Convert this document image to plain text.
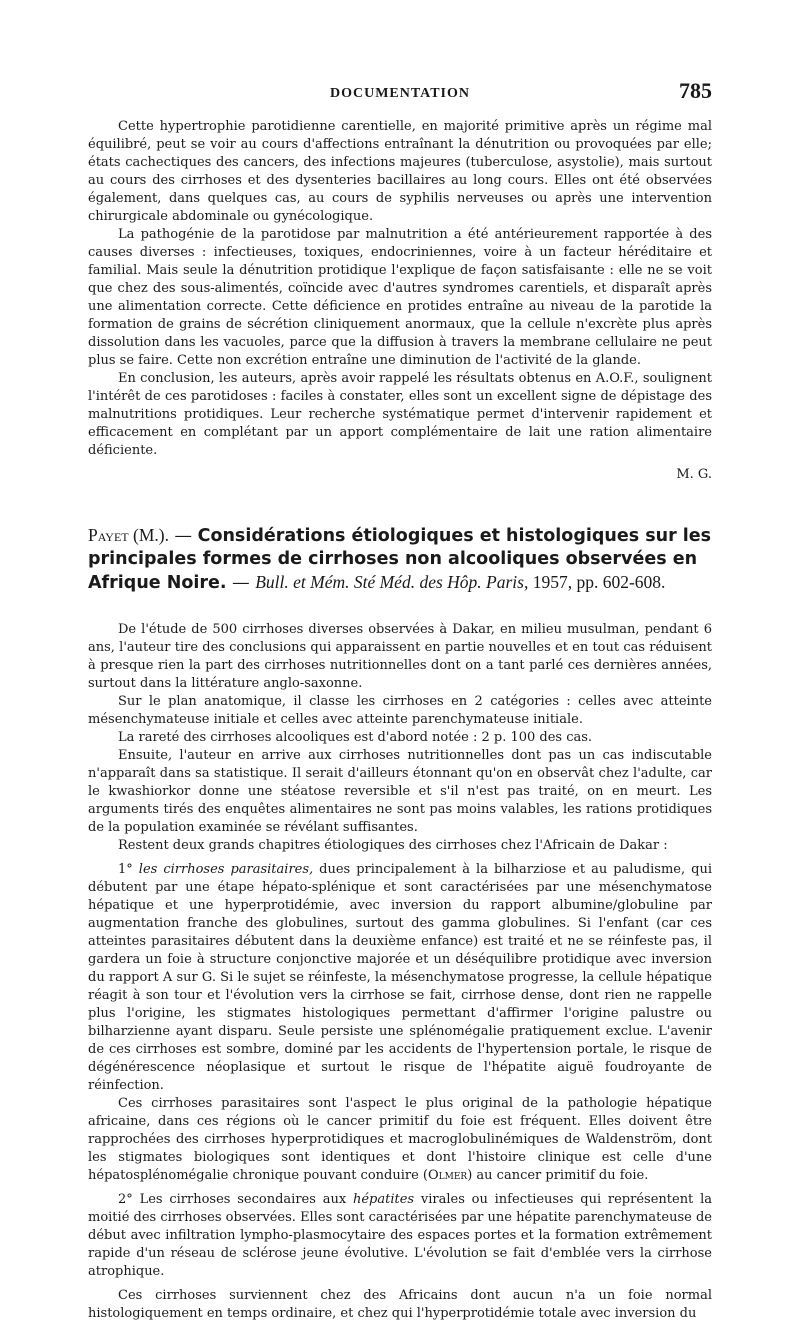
DOCUMENTATION	785

Cette hypertrophie parotidienne carentielle, en majorité primitive après un régime mal équilibré, peut se voir au cours d'affections entraînant la dénutrition ou provoquées par elle; états cachectiques des cancers, des infections majeures (tuberculose, asystolie), mais surtout au cours des cirrhoses et des dysenteries bacillaires au long cours. Elles ont été observées également, dans quelques cas, au cours de syphilis nerveuses ou après une intervention chirurgicale abdominale ou gynécologique.

La pathogénie de la parotidose par malnutrition a été antérieurement rapportée à des causes diverses : infectieuses, toxiques, endocriniennes, voire à un facteur héréditaire et familial. Mais seule la dénutrition protidique l'explique de façon satisfaisante : elle ne se voit que chez des sous-alimentés, coïncide avec d'autres syndromes carentiels, et disparaît après une alimentation correcte. Cette déficience en protides entraîne au niveau de la parotide la formation de grains de sécrétion cliniquement anormaux, que la cellule n'excrète plus après dissolution dans les vacuoles, parce que la diffusion à travers la membrane cellulaire ne peut plus se faire. Cette non excrétion entraîne une diminution de l'activité de la glande.

En conclusion, les auteurs, après avoir rappelé les résultats obtenus en A.O.F., soulignent l'intérêt de ces parotidoses : faciles à constater, elles sont un excellent signe de dépistage des malnutritions protidiques. Leur recherche systématique permet d'intervenir rapidement et efficacement en complétant par un apport complémentaire de lait une ration alimentaire déficiente.

M. G.
Payet (M.). — Considérations étiologiques et histologiques sur les principales formes de cirrhoses non alcooliques observées en Afrique Noire. — Bull. et Mém. Sté Méd. des Hôp. Paris, 1957, pp. 602-608.

De l'étude de 500 cirrhoses diverses observées à Dakar, en milieu musulman, pendant 6 ans, l'auteur tire des conclusions qui apparaissent en partie nouvelles et en tout cas réduisent à presque rien la part des cirrhoses nutritionnelles dont on a tant parlé ces dernières années, surtout dans la littérature anglo-saxonne.

Sur le plan anatomique, il classe les cirrhoses en 2 catégories : celles avec atteinte mésenchymateuse initiale et celles avec atteinte parenchymateuse initiale.

La rareté des cirrhoses alcooliques est d'abord notée : 2 p. 100 des cas.

Ensuite, l'auteur en arrive aux cirrhoses nutritionnelles dont pas un cas indiscutable n'apparaît dans sa statistique. Il serait d'ailleurs étonnant qu'on en observât chez l'adulte, car le kwashiorkor donne une stéatose reversible et s'il n'est pas traité, on en meurt. Les arguments tirés des enquêtes alimentaires ne sont pas moins valables, les rations protidiques de la population examinée se révélant suffisantes.

Restent deux grands chapitres étiologiques des cirrhoses chez l'Africain de Dakar :

1° les cirrhoses parasitaires, dues principalement à la bilharziose et au paludisme, qui débutent par une étape hépato-splénique et sont caractérisées par une mésenchymatose hépatique et une hyperprotidémie, avec inversion du rapport albumine/globuline par augmentation franche des globulines, surtout des gamma globulines. Si l'enfant (car ces atteintes parasitaires débutent dans la deuxième enfance) est traité et ne se réinfeste pas, il gardera un foie à structure conjonctive majorée et un déséquilibre protidique avec inversion du rapport A sur G. Si le sujet se réinfeste, la mésenchymatose progresse, la cellule hépatique réagit à son tour et l'évolution vers la cirrhose se fait, cirrhose dense, dont rien ne rappelle plus l'origine, les stigmates histologiques permettant d'affirmer l'origine palustre ou bilharzienne ayant disparu. Seule persiste une splénomégalie pratiquement exclue. L'avenir de ces cirrhoses est sombre, dominé par les accidents de l'hypertension portale, le risque de dégénérescence néoplasique et surtout le risque de l'hépatite aiguë foudroyante de réinfection.

Ces cirrhoses parasitaires sont l'aspect le plus original de la pathologie hépatique africaine, dans ces régions où le cancer primitif du foie est fréquent. Elles doivent être rapprochées des cirrhoses hyperprotidiques et macroglobulinémiques de Waldenström, dont les stigmates biologiques sont identiques et dont l'histoire clinique est celle d'une hépatosplénomégalie chronique pouvant conduire (Olmer) au cancer primitif du foie.

2° Les cirrhoses secondaires aux hépatites virales ou infectieuses qui représentent la moitié des cirrhoses observées. Elles sont caractérisées par une hépatite parenchymateuse de début avec infiltration lympho-plasmocytaire des espaces portes et la formation extrêmement rapide d'un réseau de sclérose jeune évolutive. L'évolution se fait d'emblée vers la cirrhose atrophique.

Ces cirrhoses surviennent chez des Africains dont aucun n'a un foie normal histologiquement en temps ordinaire, et chez qui l'hyperprotidémie totale avec inversion du
